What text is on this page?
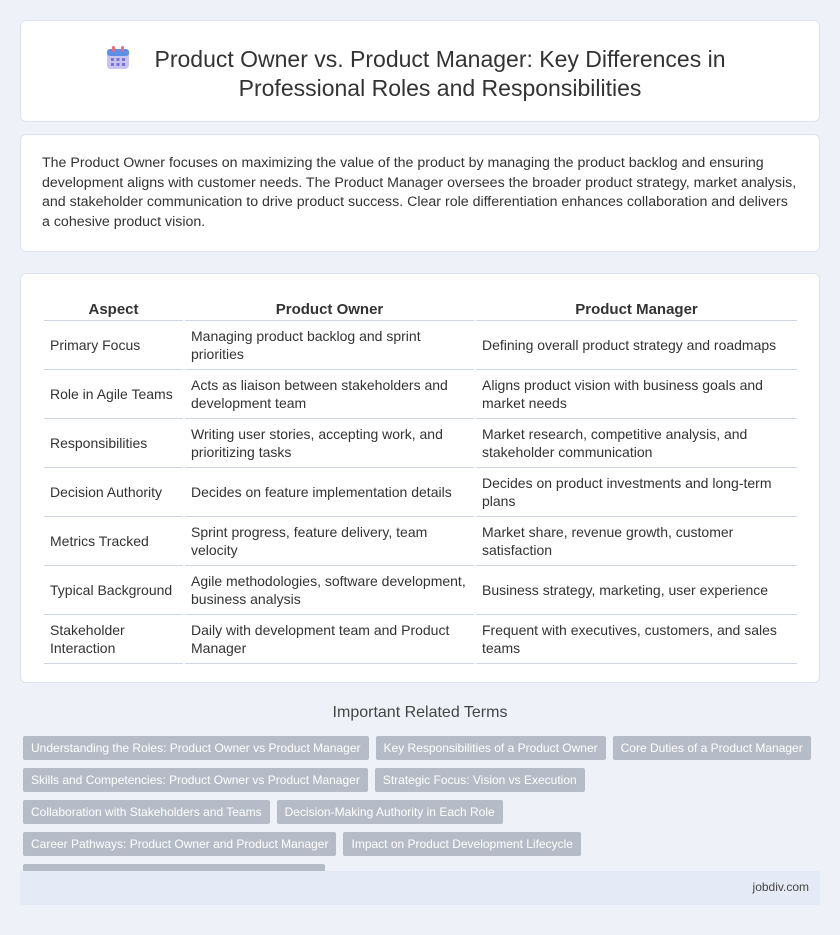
Product Owner vs. Product Manager: Key Differences in Professional Roles and Responsibilities

The Product Owner focuses on maximizing the value of the product by managing the product backlog and ensuring development aligns with customer needs. The Product Manager oversees the broader product strategy, market analysis, and stakeholder communication to drive product success. Clear role differentiation enhances collaboration and delivers a cohesive product vision.

Aspect	Product Owner	Product Manager
Primary Focus	Managing product backlog and sprint priorities	Defining overall product strategy and roadmaps
Role in Agile Teams	Acts as liaison between stakeholders and development team	Aligns product vision with business goals and market needs
Responsibilities	Writing user stories, accepting work, and prioritizing tasks	Market research, competitive analysis, and stakeholder communication
Decision Authority	Decides on feature implementation details	Decides on product investments and long-term plans
Metrics Tracked	Sprint progress, feature delivery, team velocity	Market share, revenue growth, customer satisfaction
Typical Background	Agile methodologies, software development, business analysis	Business strategy, marketing, user experience
Stakeholder Interaction	Daily with development team and Product Manager	Frequent with executives, customers, and sales teams
Important Related Terms
Understanding the Roles: Product Owner vs Product Manager	Key Responsibilities of a Product Owner	Core Duties of a Product Manager
Skills and Competencies: Product Owner vs Product Manager	Strategic Focus: Vision vs Execution
Collaboration with Stakeholders and Teams	Decision-Making Authority in Each Role
Career Pathways: Product Owner and Product Manager	Impact on Product Development Lifecycle
jobdiv.com
